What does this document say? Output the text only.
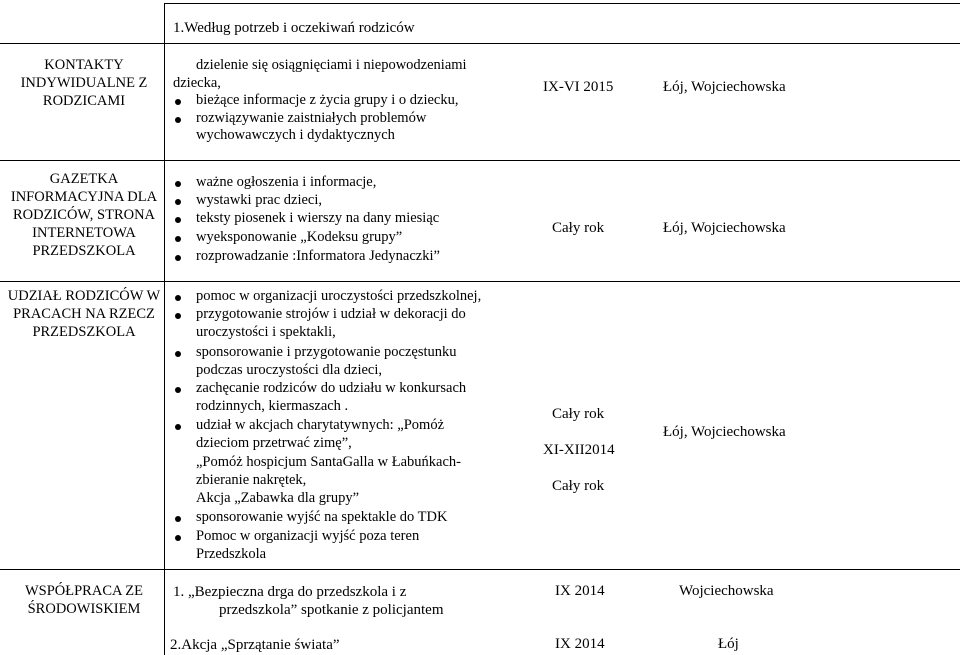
1.Według potrzeb i oczekiwań rodziców
KONTAKTY INDYWIDUALNE Z RODZICAMI
dzielenie się osiągnięciami i niepowodzeniami
dziecka,
bieżące informacje z życia grupy i o dziecku,
rozwiązywanie zaistniałych problemów
wychowawczych i dydaktycznych
IX-VI 2015	Łój, Wojciechowska
GAZETKA INFORMACYJNA DLA RODZICÓW, STRONA INTERNETOWA PRZEDSZKOLA
ważne ogłoszenia i informacje,
wystawki prac dzieci,
teksty piosenek i wierszy na dany miesiąc
wyeksponowanie „Kodeksu grupy”
rozprowadzanie :Informatora Jedynaczki”
Cały rok	Łój, Wojciechowska
UDZIAŁ RODZICÓW W PRACACH NA RZECZ PRZEDSZKOLA
pomoc w organizacji uroczystości przedszkolnej,
przygotowanie strojów i udział w dekoracji do
uroczystości i spektakli,
sponsorowanie i przygotowanie poczęstunku
podczas uroczystości dla dzieci,
zachęcanie rodziców do udziału w konkursach
rodzinnych, kiermaszach .
udział w akcjach charytatywnych: „Pomóż
dzieciom przetrwać zimę”,
„Pomóż hospicjum SantaGalla w Łabuńkach-
zbieranie nakrętek,
Akcja „Zabawka dla grupy”
sponsorowanie wyjść na spektakle do TDK
Pomoc w organizacji wyjść poza teren
Przedszkola
Cały rok
XI-XII2014
Cały rok
Łój, Wojciechowska
WSPÓŁPRACA ZE ŚRODOWISKIEM
1. „Bezpieczna drga do przedszkola i z
przedszkola” spotkanie z policjantem
2.Akcja „Sprzątanie świata”
IX 2014
IX 2014
Wojciechowska
Łój
